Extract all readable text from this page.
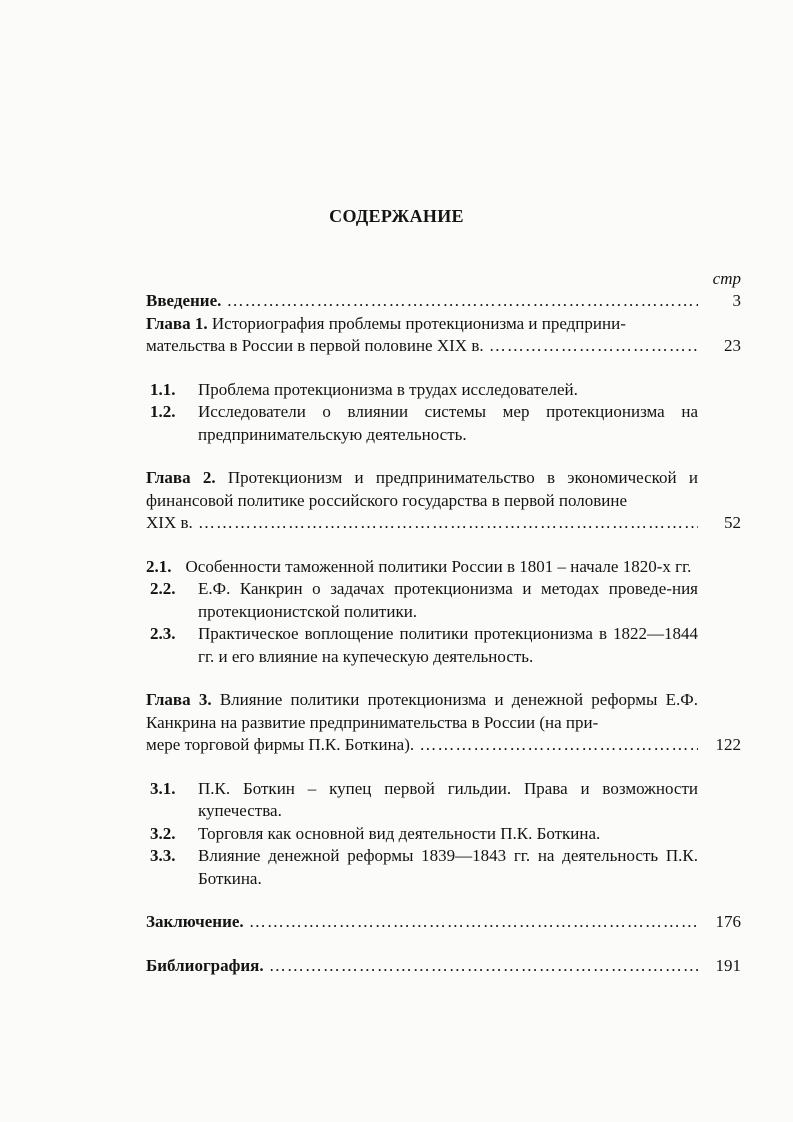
СОДЕРЖАНИЕ
стр
Введение. ………………………………………………………………………………………………………………………………………………	3
Глава 1. Историография проблемы протекционизма и предприни-
мательства в России в первой половине XIX в. ………………………………………………………………………………………………………………………………………………	23
1.1. Проблема протекционизма в трудах исследователей.
1.2. Исследователи о влиянии системы мер протекционизма на предпринимательскую деятельность.
Глава 2. Протекционизм и предпринимательство в экономической и финансовой политике российского государства в первой половине
XIX в. ………………………………………………………………………………………………………………………………………………	52
2.1. Особенности таможенной политики России в 1801 – начале 1820-х гг.
2.2. Е.Ф. Канкрин о задачах протекционизма и методах проведе-ния протекционистской политики.
2.3. Практическое воплощение политики протекционизма в 1822—1844 гг. и его влияние на купеческую деятельность.
Глава 3. Влияние политики протекционизма и денежной реформы Е.Ф. Канкрина на развитие предпринимательства в России (на при-
мере торговой фирмы П.К. Боткина). ………………………………………………………………………………………………………………………………………………	122
3.1. П.К. Боткин – купец первой гильдии. Права и возможности купечества.
3.2. Торговля как основной вид деятельности П.К. Боткина.
3.3. Влияние денежной реформы 1839—1843 гг. на деятельность П.К. Боткина.
Заключение. ………………………………………………………………………………………………………………………………………………	176
Библиография. ………………………………………………………………………………………………………………………………………………	191
